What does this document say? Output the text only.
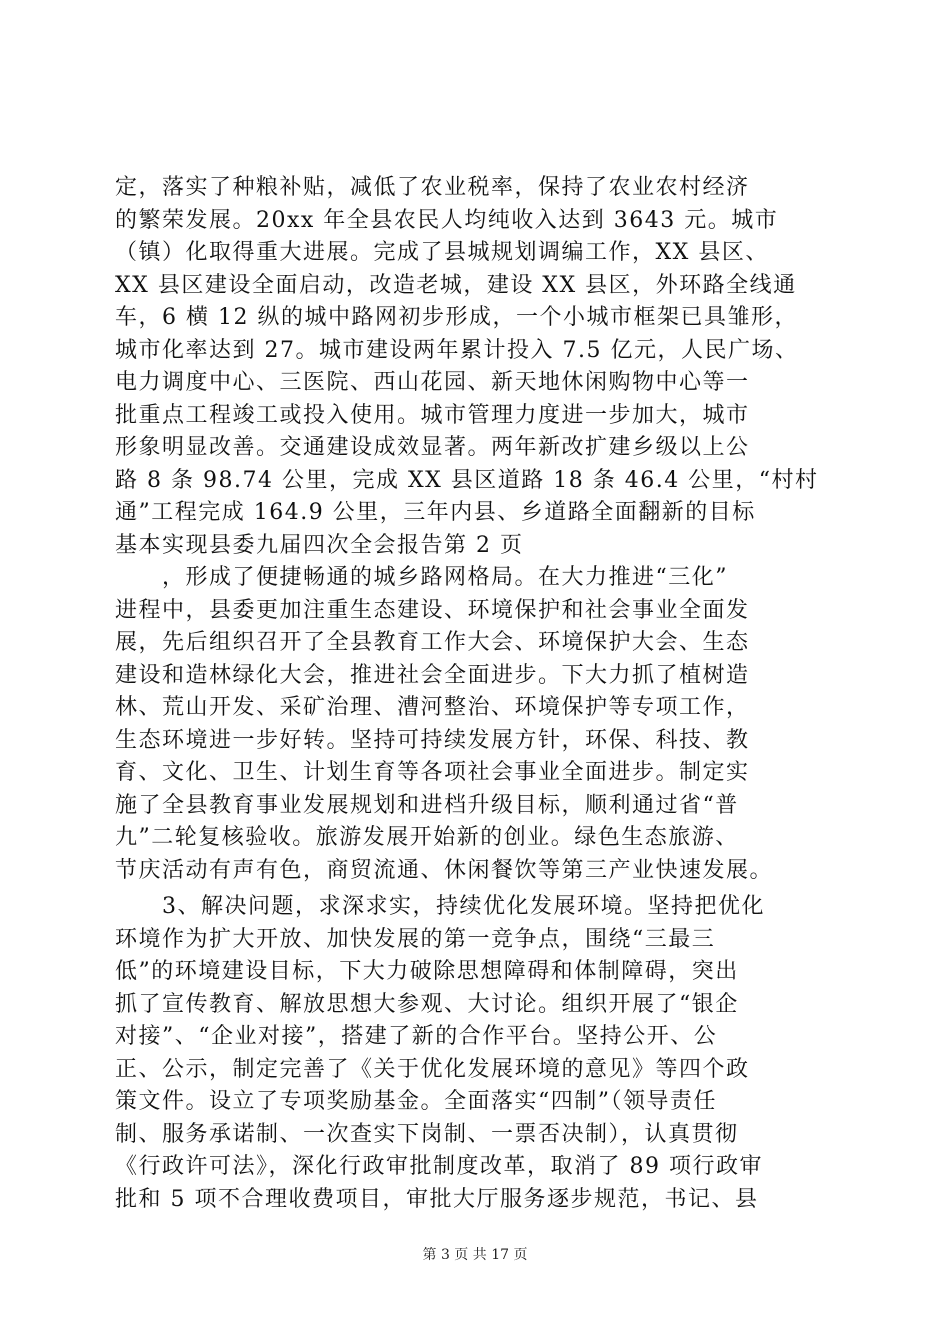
定，落实了种粮补贴，减低了农业税率，保持了农业农村经济
的繁荣发展。20xx 年全县农民人均纯收入达到 3643 元。城市
（镇）化取得重大进展。完成了县城规划调编工作，XX 县区、
XX 县区建设全面启动，改造老城，建设 XX 县区，外环路全线通
车，6 横 12 纵的城中路网初步形成，一个小城市框架已具雏形，
城市化率达到 27。城市建设两年累计投入 7.5 亿元，人民广场、
电力调度中心、三医院、西山花园、新天地休闲购物中心等一
批重点工程竣工或投入使用。城市管理力度进一步加大，城市
形象明显改善。交通建设成效显著。两年新改扩建乡级以上公
路 8 条 98.74 公里，完成 XX 县区道路 18 条 46.4 公里，“村村
通”工程完成 164.9 公里，三年内县、乡道路全面翻新的目标
基本实现县委九届四次全会报告第 2 页
　　，形成了便捷畅通的城乡路网格局。在大力推进“三化”
进程中，县委更加注重生态建设、环境保护和社会事业全面发
展，先后组织召开了全县教育工作大会、环境保护大会、生态
建设和造林绿化大会，推进社会全面进步。下大力抓了植树造
林、荒山开发、采矿治理、漕河整治、环境保护等专项工作，
生态环境进一步好转。坚持可持续发展方针，环保、科技、教
育、文化、卫生、计划生育等各项社会事业全面进步。制定实
施了全县教育事业发展规划和进档升级目标，顺利通过省“普
九”二轮复核验收。旅游发展开始新的创业。绿色生态旅游、
节庆活动有声有色，商贸流通、休闲餐饮等第三产业快速发展。
　　3、解决问题，求深求实，持续优化发展环境。坚持把优化
环境作为扩大开放、加快发展的第一竞争点，围绕“三最三
低”的环境建设目标，下大力破除思想障碍和体制障碍，突出
抓了宣传教育、解放思想大参观、大讨论。组织开展了“银企
对接”、“企业对接”，搭建了新的合作平台。坚持公开、公
正、公示，制定完善了《关于优化发展环境的意见》等四个政
策文件。设立了专项奖励基金。全面落实“四制”（领导责任
制、服务承诺制、一次查实下岗制、一票否决制），认真贯彻
《行政许可法》，深化行政审批制度改革，取消了 89 项行政审
批和 5 项不合理收费项目，审批大厅服务逐步规范，书记、县
第 3 页 共 17 页
